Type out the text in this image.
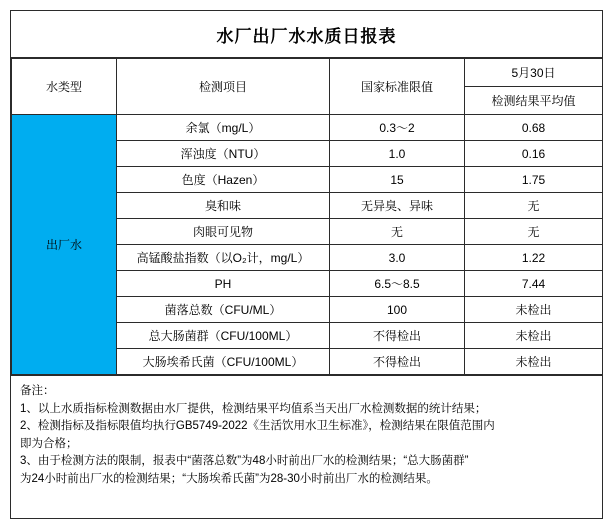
水厂出厂水水质日报表
水类型	检测项目	国家标准限值	5月30日
			检测结果平均值
出厂水	余氯（mg/L）	0.3～2	0.68
	浑浊度（NTU）	1.0	0.16
	色度（Hazen）	15	1.75
	臭和味	无异臭、异味	无
	肉眼可见物	无	无
	高锰酸盐指数（以O₂计，mg/L）	3.0	1.22
	PH	6.5～8.5	7.44
	菌落总数（CFU/ML）	100	未检出
	总大肠菌群（CFU/100ML）	不得检出	未检出
	大肠埃希氏菌（CFU/100ML）	不得检出	未检出
备注：
1、以上水质指标检测数据由水厂提供，检测结果平均值系当天出厂水检测数据的统计结果；
2、检测指标及指标限值均执行GB5749-2022《生活饮用水卫生标准》，检测结果在限值范围内
即为合格；
3、由于检测方法的限制，报表中“菌落总数”为48小时前出厂水的检测结果；“总大肠菌群”
为24小时前出厂水的检测结果；“大肠埃希氏菌”为28-30小时前出厂水的检测结果。
